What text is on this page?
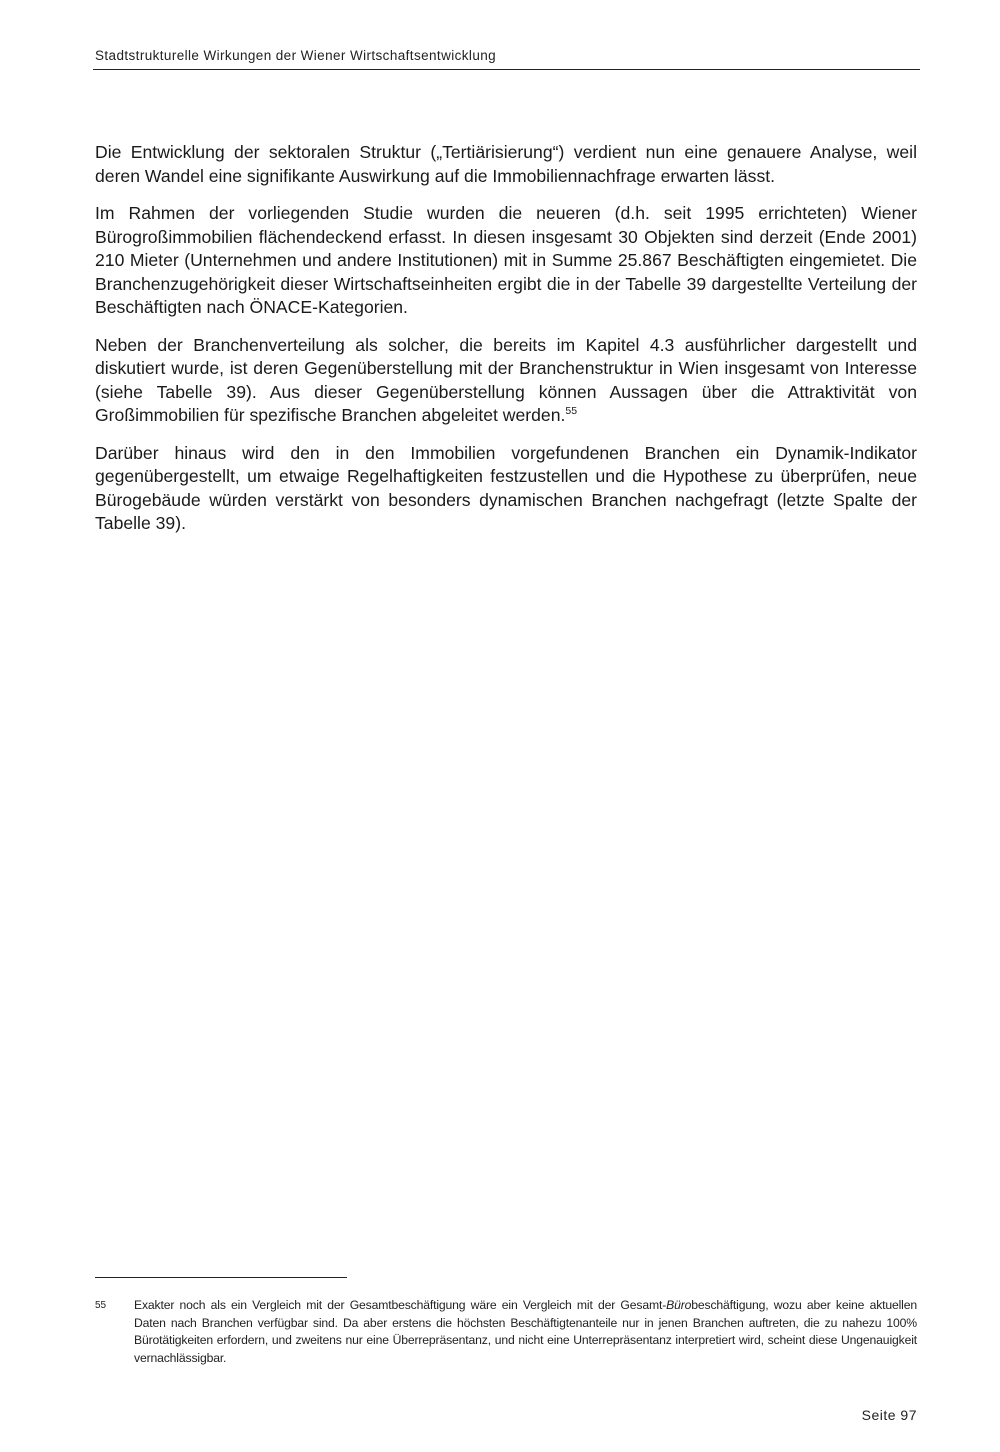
Stadtstrukturelle Wirkungen der Wiener Wirtschaftsentwicklung

Die Entwicklung der sektoralen Struktur („Tertiärisierung“) verdient nun eine genauere Analyse, weil deren Wandel eine signifikante Auswirkung auf die Immobiliennachfrage erwarten lässt.

Im Rahmen der vorliegenden Studie wurden die neueren (d.h. seit 1995 errichteten) Wiener Bürogroßimmobilien flächendeckend erfasst. In diesen insgesamt 30 Objekten sind derzeit (Ende 2001) 210 Mieter (Unternehmen und andere Institutionen) mit in Summe 25.867 Beschäftigten eingemietet. Die Branchenzugehörigkeit dieser Wirtschaftseinheiten ergibt die in der Tabelle 39 dargestellte Verteilung der Beschäftigten nach ÖNACE-Kategorien.

Neben der Branchenverteilung als solcher, die bereits im Kapitel 4.3 ausführlicher dargestellt und diskutiert wurde, ist deren Gegenüberstellung mit der Branchenstruktur in Wien insgesamt von Interesse (siehe Tabelle 39). Aus dieser Gegenüberstellung können Aussagen über die Attraktivität von Großimmobilien für spezifische Branchen abgeleitet werden.$^{55}$

Darüber hinaus wird den in den Immobilien vorgefundenen Branchen ein Dynamik-Indikator gegenübergestellt, um etwaige Regelhaftigkeiten festzustellen und die Hypothese zu überprüfen, neue Bürogebäude würden verstärkt von besonders dynamischen Branchen nachgefragt (letzte Spalte der Tabelle 39).

55	Exakter noch als ein Vergleich mit der Gesamtbeschäftigung wäre ein Vergleich mit der Gesamt-Bürobeschäftigung, wozu aber keine aktuellen Daten nach Branchen verfügbar sind. Da aber erstens die höchsten Beschäftigtenanteile nur in jenen Branchen auftreten, die zu nahezu 100% Bürotätigkeiten erfordern, und zweitens nur eine Überrepräsentanz, und nicht eine Unterrepräsentanz interpretiert wird, scheint diese Ungenauigkeit vernachlässigbar.
Seite 97
